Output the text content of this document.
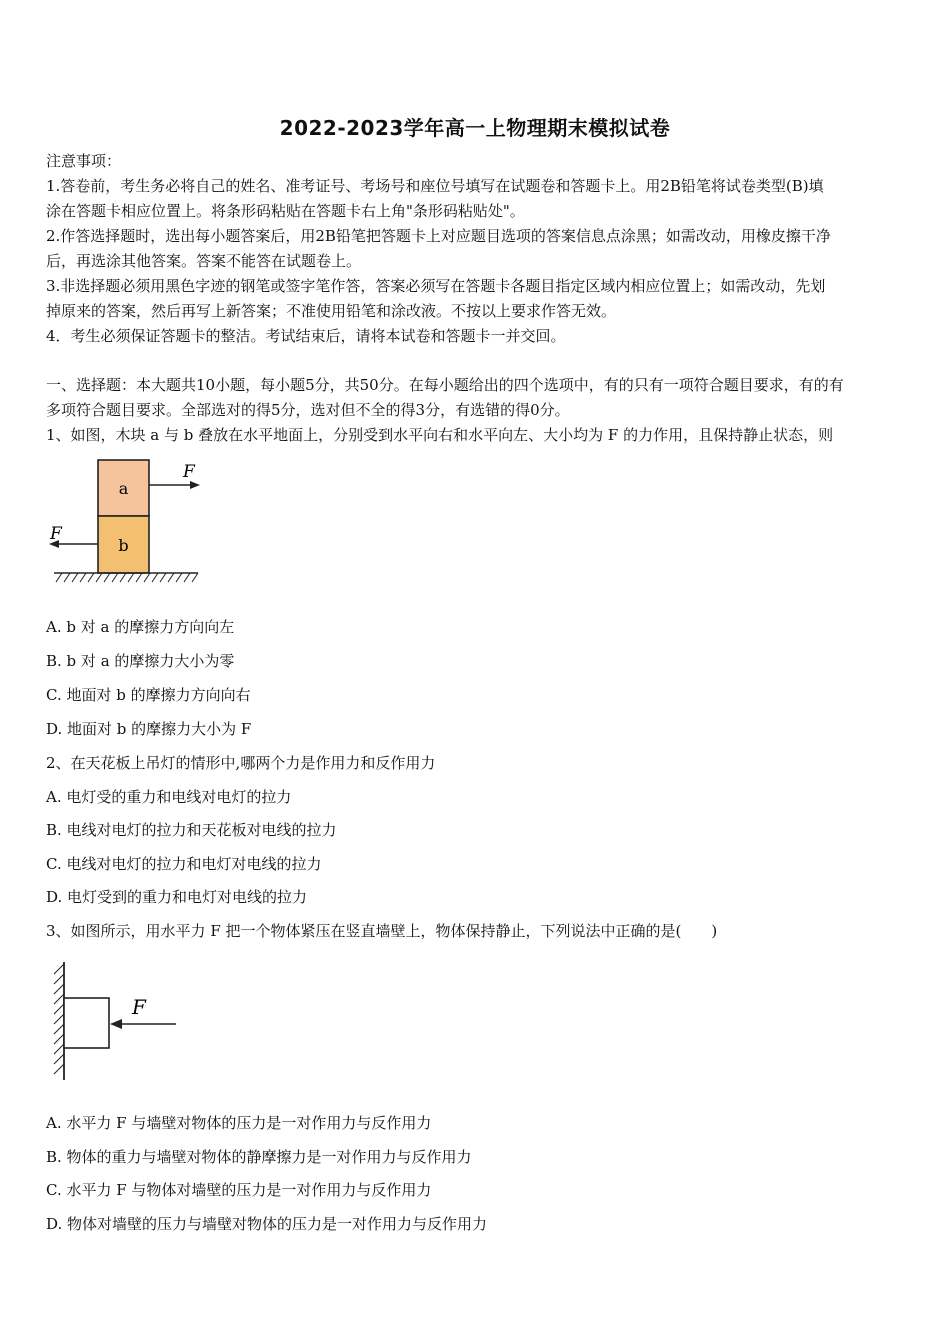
2022-2023学年高一上物理期末模拟试卷
注意事项：
1.答卷前，考生务必将自己的姓名、准考证号、考场号和座位号填写在试题卷和答题卡上。用2B铅笔将试卷类型(B)填
涂在答题卡相应位置上。将条形码粘贴在答题卡右上角"条形码粘贴处"。
2.作答选择题时，选出每小题答案后，用2B铅笔把答题卡上对应题目选项的答案信息点涂黑；如需改动，用橡皮擦干净
后，再选涂其他答案。答案不能答在试题卷上。
3.非选择题必须用黑色字迹的钢笔或签字笔作答，答案必须写在答题卡各题目指定区域内相应位置上；如需改动，先划
掉原来的答案，然后再写上新答案；不准使用铅笔和涂改液。不按以上要求作答无效。
4．考生必须保证答题卡的整洁。考试结束后，请将本试卷和答题卡一并交回。
一、选择题：本大题共10小题，每小题5分，共50分。在每小题给出的四个选项中，有的只有一项符合题目要求，有的有
多项符合题目要求。全部选对的得5分，选对但不全的得3分，有选错的得0分。
1、如图，木块 a 与 b 叠放在水平地面上，分别受到水平向右和水平向左、大小均为 F 的力作用，且保持静止状态，则
a
b
F
F
A. b 对 a 的摩擦力方向向左
B. b 对 a 的摩擦力大小为零
C. 地面对 b 的摩擦力方向向右
D. 地面对 b 的摩擦力大小为 F
2、在天花板上吊灯的情形中,哪两个力是作用力和反作用力
A. 电灯受的重力和电线对电灯的拉力
B. 电线对电灯的拉力和天花板对电线的拉力
C. 电线对电灯的拉力和电灯对电线的拉力
D. 电灯受到的重力和电灯对电线的拉力
3、如图所示，用水平力 F 把一个物体紧压在竖直墙壁上，物体保持静止，下列说法中正确的是(　　)
F
A. 水平力 F 与墙壁对物体的压力是一对作用力与反作用力
B. 物体的重力与墙壁对物体的静摩擦力是一对作用力与反作用力
C. 水平力 F 与物体对墙壁的压力是一对作用力与反作用力
D. 物体对墙壁的压力与墙壁对物体的压力是一对作用力与反作用力
